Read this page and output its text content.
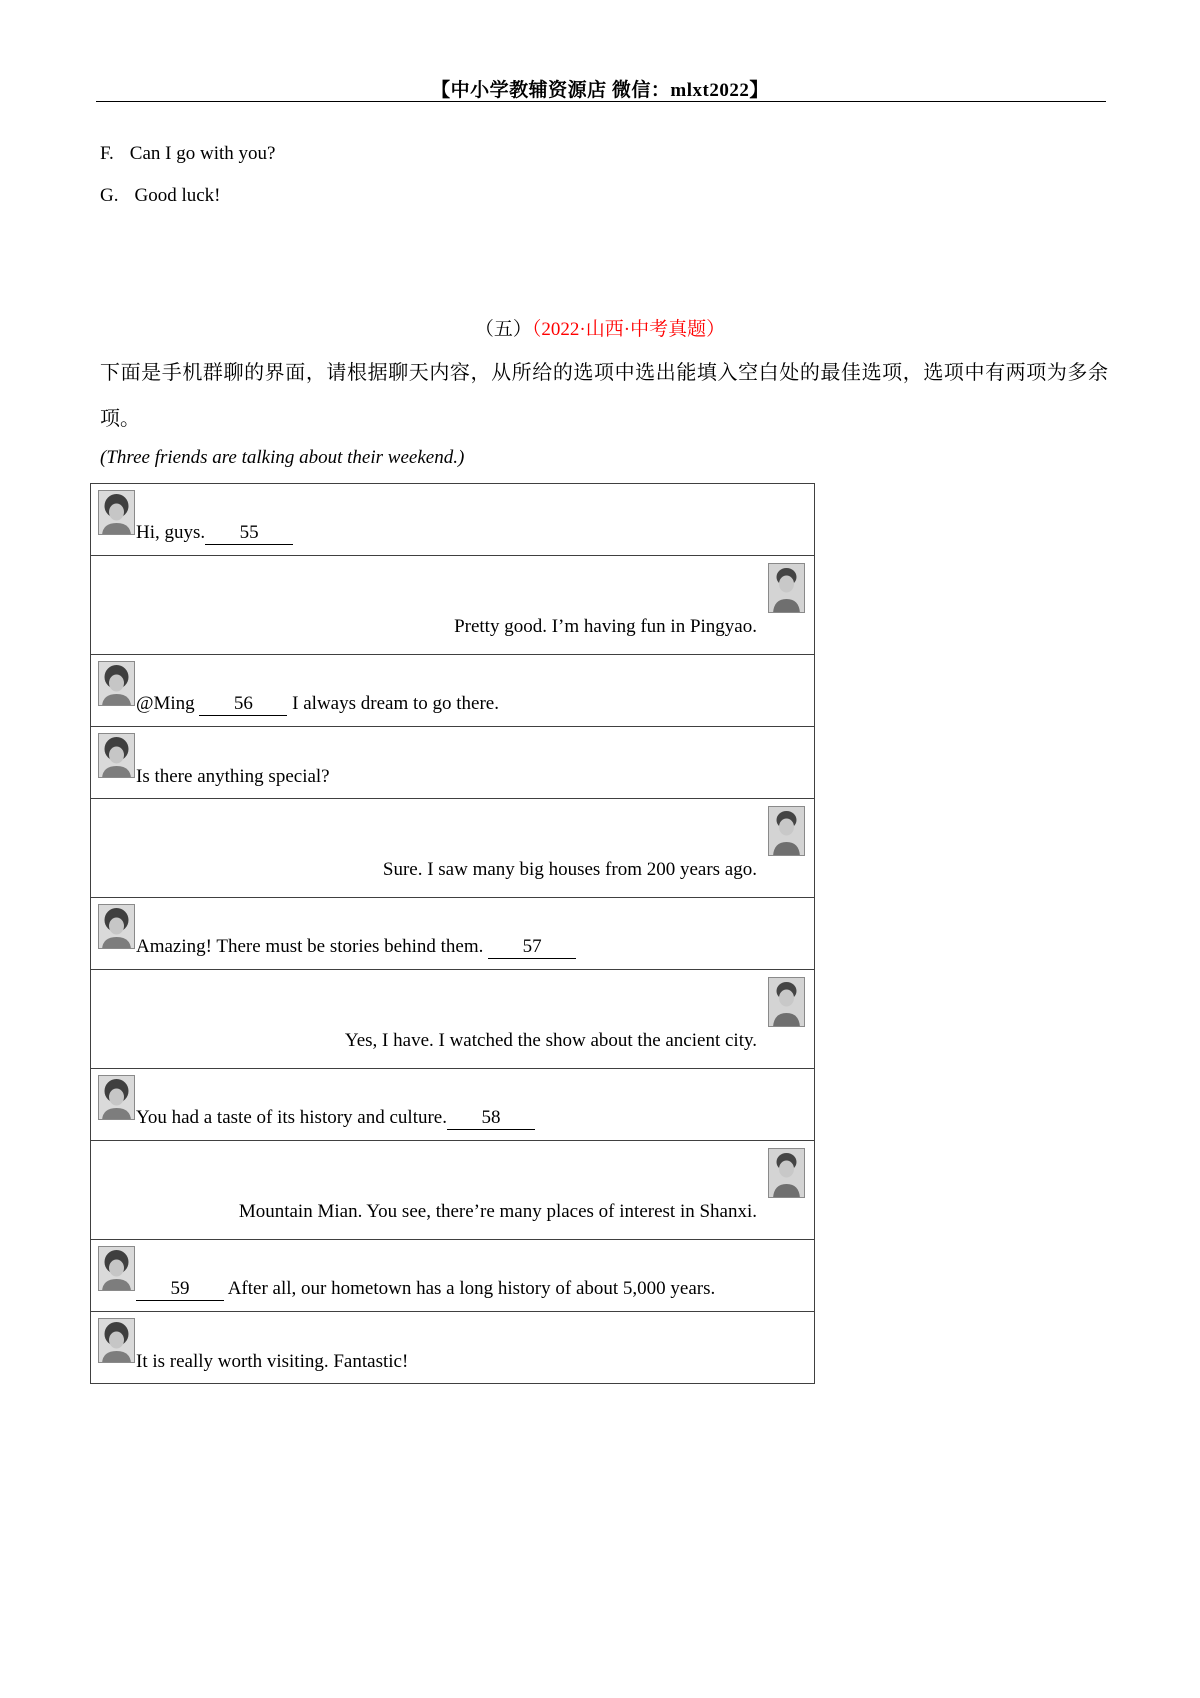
【中小学教辅资源店 微信：mlxt2022】
F. Can I go with you?
G. Good luck!
（五）（2022·山西·中考真题）
下面是手机群聊的界面，请根据聊天内容，从所给的选项中选出能填入空白处的最佳选项，选项中有两项为多余项。
(Three friends are talking about their weekend.)
Hi, guys. 55
Pretty good. I’m having fun in Pingyao.
@Ming 56 I always dream to go there.
Is there anything special?
Sure. I saw many big houses from 200 years ago.
Amazing! There must be stories behind them. 57
Yes, I have. I watched the show about the ancient city.
You had a taste of its history and culture. 58
Mountain Mian. You see, there’re many places of interest in Shanxi.
59 After all, our hometown has a long history of about 5,000 years.
It is really worth visiting. Fantastic!
